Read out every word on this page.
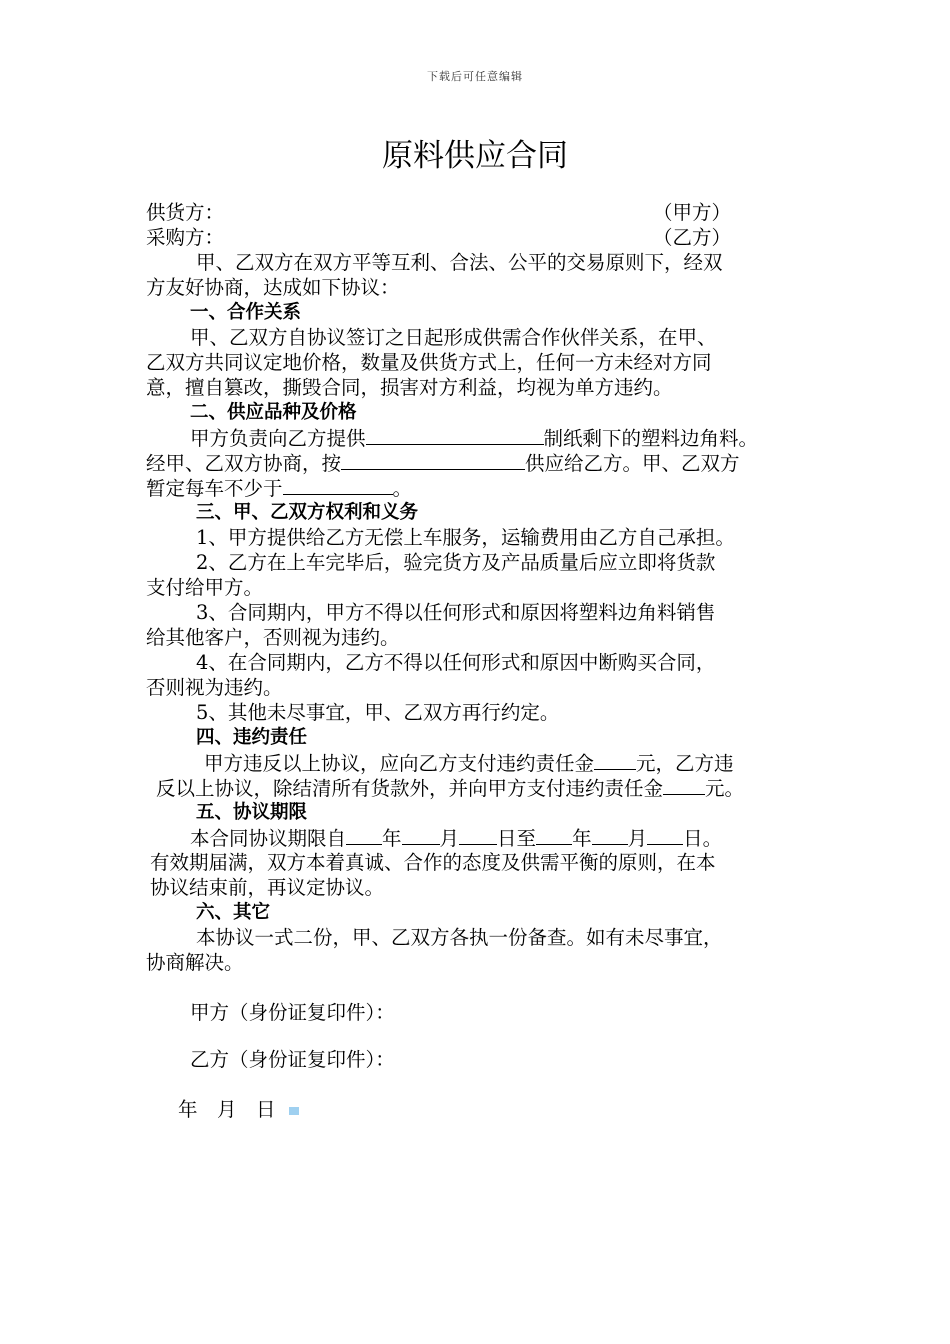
下载后可任意编辑
原料供应合同
供货方：	（甲方）
采购方：	（乙方）
甲、乙双方在双方平等互利、合法、公平的交易原则下，经双
方友好协商，达成如下协议：
一、合作关系
甲、乙双方自协议签订之日起形成供需合作伙伴关系，在甲、
乙双方共同议定地价格，数量及供货方式上，任何一方未经对方同
意，擅自篡改，撕毁合同，损害对方利益，均视为单方违约。
二、供应品种及价格
甲方负责向乙方提供	制纸剩下的塑料边角料。
经甲、乙双方协商，按	供应给乙方。甲、乙双方
暂定每车不少于	。
三、甲、乙双方权利和义务
1、甲方提供给乙方无偿上车服务，运输费用由乙方自己承担。
2、乙方在上车完毕后，验完货方及产品质量后应立即将货款
支付给甲方。
3、合同期内，甲方不得以任何形式和原因将塑料边角料销售
给其他客户，否则视为违约。
4、在合同期内，乙方不得以任何形式和原因中断购买合同，
否则视为违约。
5、其他未尽事宜，甲、乙双方再行约定。
四、违约责任
甲方违反以上协议，应向乙方支付违约责任金 元，乙方违
反以上协议，除结清所有货款外，并向甲方支付违约责任金 元。
五、协议期限
本合同协议期限自 年 月 日至 年 月 日。
有效期届满，双方本着真诚、合作的态度及供需平衡的原则，在本
协议结束前，再议定协议。
六、其它
本协议一式二份，甲、乙双方各执一份备查。如有未尽事宜，
协商解决。
甲方（身份证复印件）：
乙方（身份证复印件）：
年　月　日
